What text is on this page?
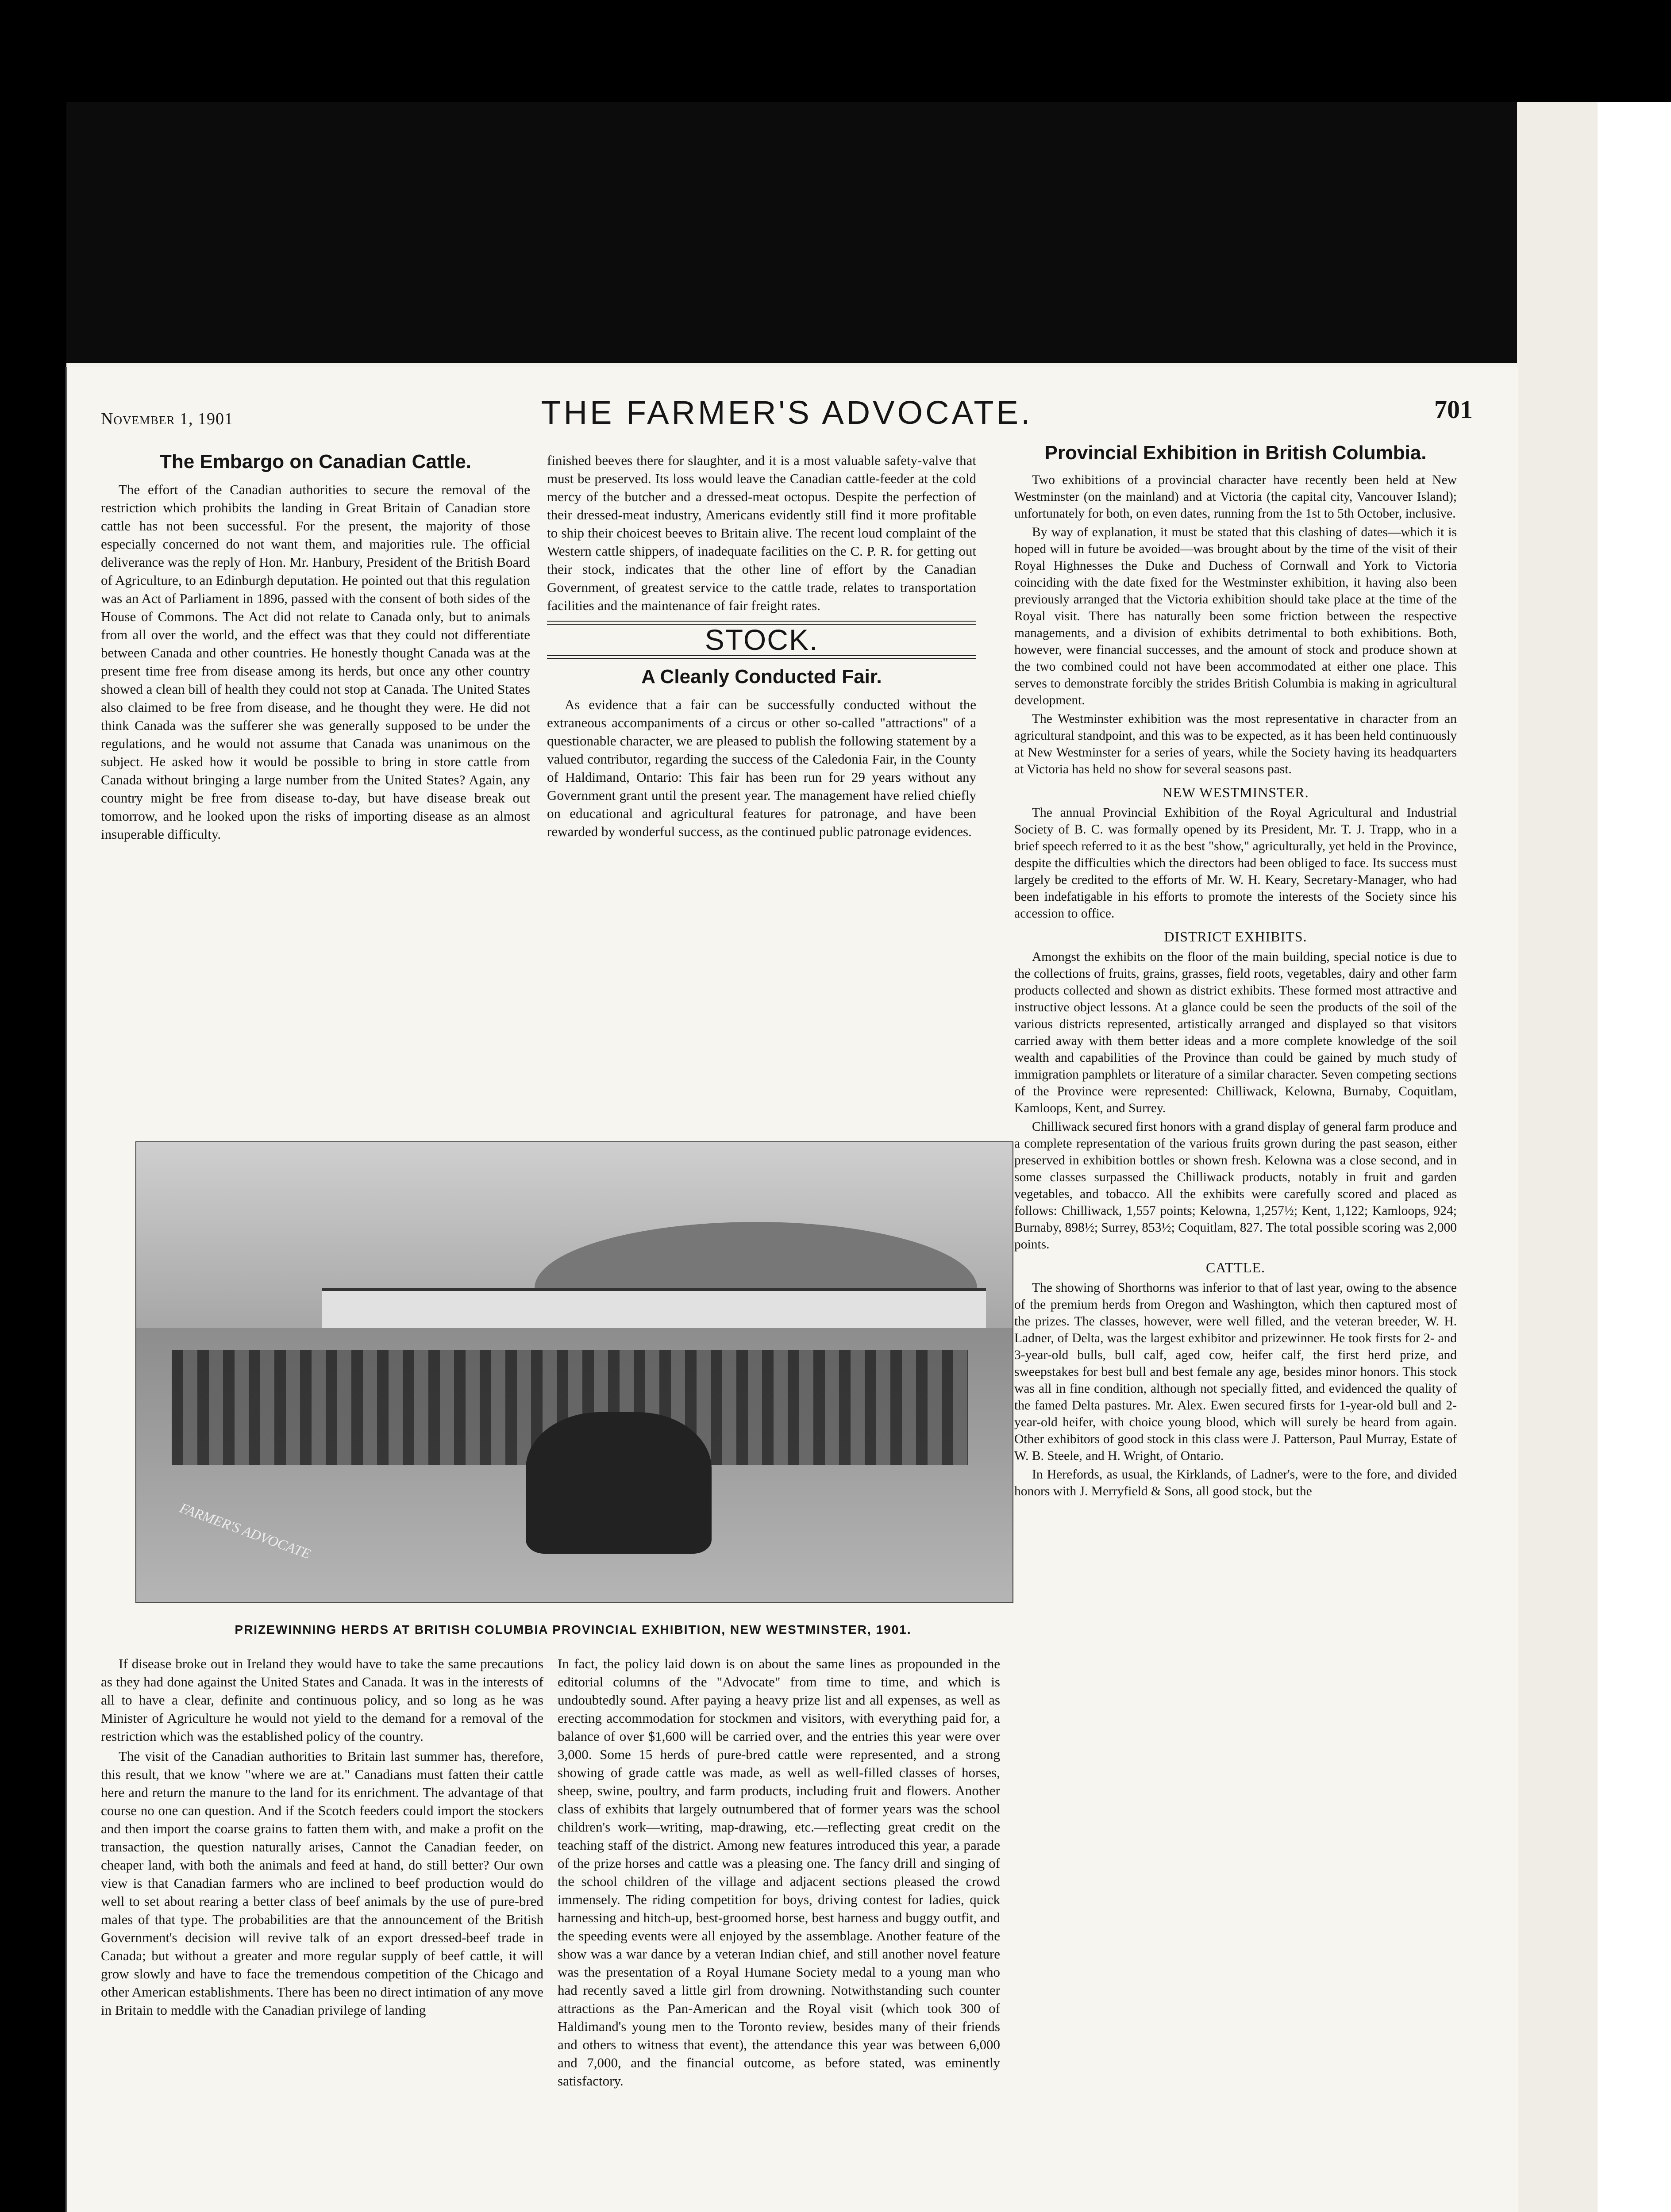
November 1, 1901	THE FARMER'S ADVOCATE.	701
The Embargo on Canadian Cattle.

The effort of the Canadian authorities to secure the removal of the restriction which prohibits the landing in Great Britain of Canadian store cattle has not been successful. For the present, the majority of those especially concerned do not want them, and majorities rule. The official deliverance was the reply of Hon. Mr. Hanbury, President of the British Board of Agriculture, to an Edinburgh deputation. He pointed out that this regulation was an Act of Parliament in 1896, passed with the consent of both sides of the House of Commons. The Act did not relate to Canada only, but to animals from all over the world, and the effect was that they could not differentiate between Canada and other countries. He honestly thought Canada was at the present time free from disease among its herds, but once any other country showed a clean bill of health they could not stop at Canada. The United States also claimed to be free from disease, and he thought they were. He did not think Canada was the sufferer she was generally supposed to be under the regulations, and he would not assume that Canada was unanimous on the subject. He asked how it would be possible to bring in store cattle from Canada without bringing a large number from the United States? Again, any country might be free from disease to-day, but have disease break out tomorrow, and he looked upon the risks of importing disease as an almost insuperable difficulty.

finished beeves there for slaughter, and it is a most valuable safety-valve that must be preserved. Its loss would leave the Canadian cattle-feeder at the cold mercy of the butcher and a dressed-meat octopus. Despite the perfection of their dressed-meat industry, Americans evidently still find it more profitable to ship their choicest beeves to Britain alive. The recent loud complaint of the Western cattle shippers, of inadequate facilities on the C. P. R. for getting out their stock, indicates that the other line of effort by the Canadian Government, of greatest service to the cattle trade, relates to transportation facilities and the maintenance of fair freight rates.

STOCK.
A Cleanly Conducted Fair.

As evidence that a fair can be successfully conducted without the extraneous accompaniments of a circus or other so-called "attractions" of a questionable character, we are pleased to publish the following statement by a valued contributor, regarding the success of the Caledonia Fair, in the County of Haldimand, Ontario: This fair has been run for 29 years without any Government grant until the present year. The management have relied chiefly on educational and agricultural features for patronage, and have been rewarded by wonderful success, as the continued public patronage evidences.

FARMER'S ADVOCATE
PRIZEWINNING HERDS AT BRITISH COLUMBIA PROVINCIAL EXHIBITION, NEW WESTMINSTER, 1901.

If disease broke out in Ireland they would have to take the same precautions as they had done against the United States and Canada. It was in the interests of all to have a clear, definite and continuous policy, and so long as he was Minister of Agriculture he would not yield to the demand for a removal of the restriction which was the established policy of the country.

The visit of the Canadian authorities to Britain last summer has, therefore, this result, that we know "where we are at." Canadians must fatten their cattle here and return the manure to the land for its enrichment. The advantage of that course no one can question. And if the Scotch feeders could import the stockers and then import the coarse grains to fatten them with, and make a profit on the transaction, the question naturally arises, Cannot the Canadian feeder, on cheaper land, with both the animals and feed at hand, do still better? Our own view is that Canadian farmers who are inclined to beef production would do well to set about rearing a better class of beef animals by the use of pure-bred males of that type. The probabilities are that the announcement of the British Government's decision will revive talk of an export dressed-beef trade in Canada; but without a greater and more regular supply of beef cattle, it will grow slowly and have to face the tremendous competition of the Chicago and other American establishments. There has been no direct intimation of any move in Britain to meddle with the Canadian privilege of landing

In fact, the policy laid down is on about the same lines as propounded in the editorial columns of the "Advocate" from time to time, and which is undoubtedly sound. After paying a heavy prize list and all expenses, as well as erecting accommodation for stockmen and visitors, with everything paid for, a balance of over $1,600 will be carried over, and the entries this year were over 3,000. Some 15 herds of pure-bred cattle were represented, and a strong showing of grade cattle was made, as well as well-filled classes of horses, sheep, swine, poultry, and farm products, including fruit and flowers. Another class of exhibits that largely outnumbered that of former years was the school children's work—writing, map-drawing, etc.—reflecting great credit on the teaching staff of the district. Among new features introduced this year, a parade of the prize horses and cattle was a pleasing one. The fancy drill and singing of the school children of the village and adjacent sections pleased the crowd immensely. The riding competition for boys, driving contest for ladies, quick harnessing and hitch-up, best-groomed horse, best harness and buggy outfit, and the speeding events were all enjoyed by the assemblage. Another feature of the show was a war dance by a veteran Indian chief, and still another novel feature was the presentation of a Royal Humane Society medal to a young man who had recently saved a little girl from drowning. Notwithstanding such counter attractions as the Pan-American and the Royal visit (which took 300 of Haldimand's young men to the Toronto review, besides many of their friends and others to witness that event), the attendance this year was between 6,000 and 7,000, and the financial outcome, as before stated, was eminently satisfactory.

Provincial Exhibition in British Columbia.

Two exhibitions of a provincial character have recently been held at New Westminster (on the mainland) and at Victoria (the capital city, Vancouver Island); unfortunately for both, on even dates, running from the 1st to 5th October, inclusive.

By way of explanation, it must be stated that this clashing of dates—which it is hoped will in future be avoided—was brought about by the time of the visit of their Royal Highnesses the Duke and Duchess of Cornwall and York to Victoria coinciding with the date fixed for the Westminster exhibition, it having also been previously arranged that the Victoria exhibition should take place at the time of the Royal visit. There has naturally been some friction between the respective managements, and a division of exhibits detrimental to both exhibitions. Both, however, were financial successes, and the amount of stock and produce shown at the two combined could not have been accommodated at either one place. This serves to demonstrate forcibly the strides British Columbia is making in agricultural development.

The Westminster exhibition was the most representative in character from an agricultural standpoint, and this was to be expected, as it has been held continuously at New Westminster for a series of years, while the Society having its headquarters at Victoria has held no show for several seasons past.

NEW WESTMINSTER.

The annual Provincial Exhibition of the Royal Agricultural and Industrial Society of B. C. was formally opened by its President, Mr. T. J. Trapp, who in a brief speech referred to it as the best "show," agriculturally, yet held in the Province, despite the difficulties which the directors had been obliged to face. Its success must largely be credited to the efforts of Mr. W. H. Keary, Secretary-Manager, who had been indefatigable in his efforts to promote the interests of the Society since his accession to office.

DISTRICT EXHIBITS.

Amongst the exhibits on the floor of the main building, special notice is due to the collections of fruits, grains, grasses, field roots, vegetables, dairy and other farm products collected and shown as district exhibits. These formed most attractive and instructive object lessons. At a glance could be seen the products of the soil of the various districts represented, artistically arranged and displayed so that visitors carried away with them better ideas and a more complete knowledge of the soil wealth and capabilities of the Province than could be gained by much study of immigration pamphlets or literature of a similar character. Seven competing sections of the Province were represented: Chilliwack, Kelowna, Burnaby, Coquitlam, Kamloops, Kent, and Surrey.

Chilliwack secured first honors with a grand display of general farm produce and a complete representation of the various fruits grown during the past season, either preserved in exhibition bottles or shown fresh. Kelowna was a close second, and in some classes surpassed the Chilliwack products, notably in fruit and garden vegetables, and tobacco. All the exhibits were carefully scored and placed as follows: Chilliwack, 1,557 points; Kelowna, 1,257½; Kent, 1,122; Kamloops, 924; Burnaby, 898½; Surrey, 853½; Coquitlam, 827. The total possible scoring was 2,000 points.

CATTLE.

The showing of Shorthorns was inferior to that of last year, owing to the absence of the premium herds from Oregon and Washington, which then captured most of the prizes. The classes, however, were well filled, and the veteran breeder, W. H. Ladner, of Delta, was the largest exhibitor and prizewinner. He took firsts for 2- and 3-year-old bulls, bull calf, aged cow, heifer calf, the first herd prize, and sweepstakes for best bull and best female any age, besides minor honors. This stock was all in fine condition, although not specially fitted, and evidenced the quality of the famed Delta pastures. Mr. Alex. Ewen secured firsts for 1-year-old bull and 2-year-old heifer, with choice young blood, which will surely be heard from again. Other exhibitors of good stock in this class were J. Patterson, Paul Murray, Estate of W. B. Steele, and H. Wright, of Ontario.

In Herefords, as usual, the Kirklands, of Ladner's, were to the fore, and divided honors with J. Merryfield & Sons, all good stock, but the
